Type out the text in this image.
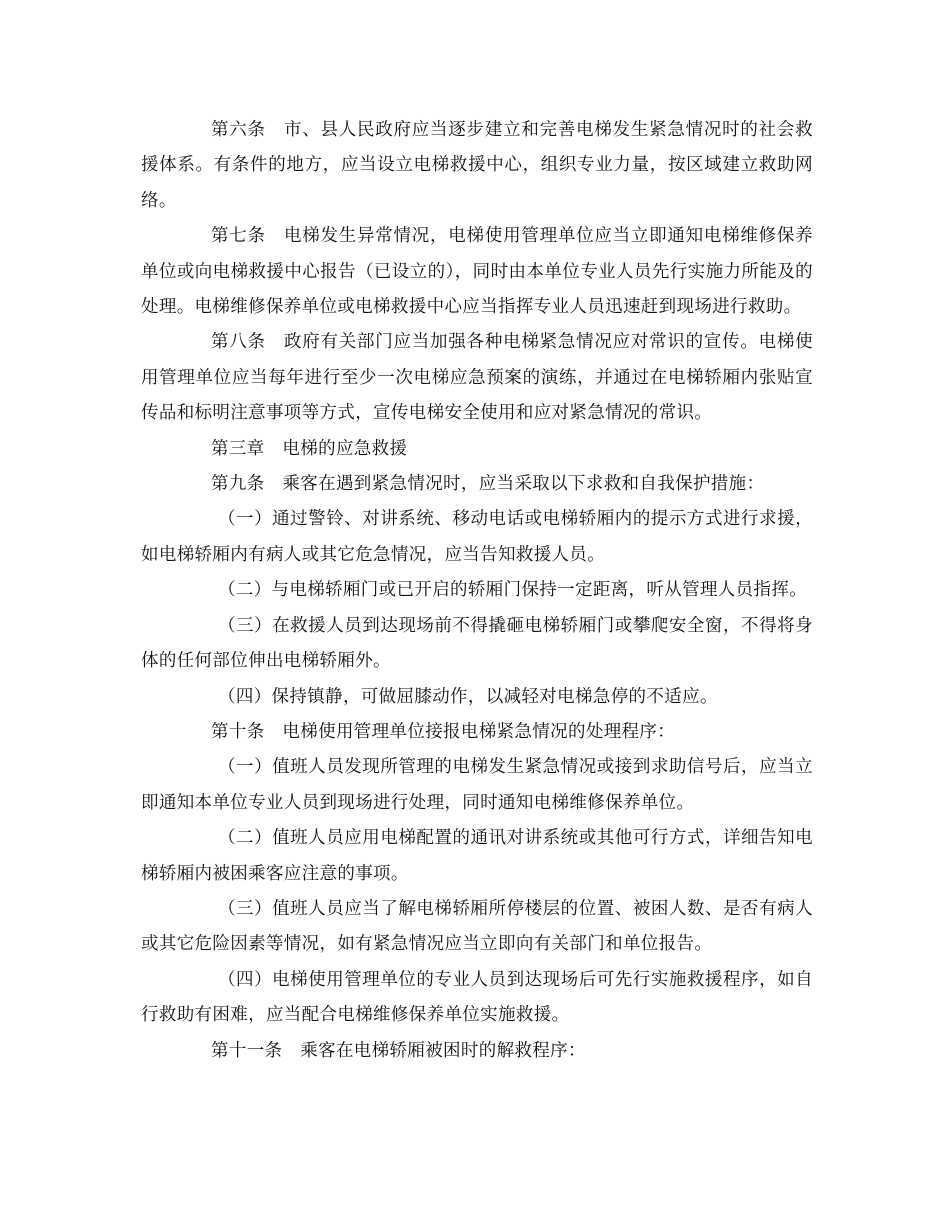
第六条　市、县人民政府应当逐步建立和完善电梯发生紧急情况时的社会救援体系。有条件的地方，应当设立电梯救援中心，组织专业力量，按区域建立救助网络。

第七条　电梯发生异常情况，电梯使用管理单位应当立即通知电梯维修保养单位或向电梯救援中心报告（已设立的），同时由本单位专业人员先行实施力所能及的处理。电梯维修保养单位或电梯救援中心应当指挥专业人员迅速赶到现场进行救助。

第八条　政府有关部门应当加强各种电梯紧急情况应对常识的宣传。电梯使用管理单位应当每年进行至少一次电梯应急预案的演练，并通过在电梯轿厢内张贴宣传品和标明注意事项等方式，宣传电梯安全使用和应对紧急情况的常识。

第三章　电梯的应急救援

第九条　乘客在遇到紧急情况时，应当采取以下求救和自我保护措施：

（一）通过警铃、对讲系统、移动电话或电梯轿厢内的提示方式进行求援，如电梯轿厢内有病人或其它危急情况，应当告知救援人员。

（二）与电梯轿厢门或已开启的轿厢门保持一定距离，听从管理人员指挥。

（三）在救援人员到达现场前不得撬砸电梯轿厢门或攀爬安全窗，不得将身体的任何部位伸出电梯轿厢外。

（四）保持镇静，可做屈膝动作，以减轻对电梯急停的不适应。

第十条　电梯使用管理单位接报电梯紧急情况的处理程序：

（一）值班人员发现所管理的电梯发生紧急情况或接到求助信号后，应当立即通知本单位专业人员到现场进行处理，同时通知电梯维修保养单位。

（二）值班人员应用电梯配置的通讯对讲系统或其他可行方式，详细告知电梯轿厢内被困乘客应注意的事项。

（三）值班人员应当了解电梯轿厢所停楼层的位置、被困人数、是否有病人或其它危险因素等情况，如有紧急情况应当立即向有关部门和单位报告。

（四）电梯使用管理单位的专业人员到达现场后可先行实施救援程序，如自行救助有困难，应当配合电梯维修保养单位实施救援。

第十一条　乘客在电梯轿厢被困时的解救程序：
